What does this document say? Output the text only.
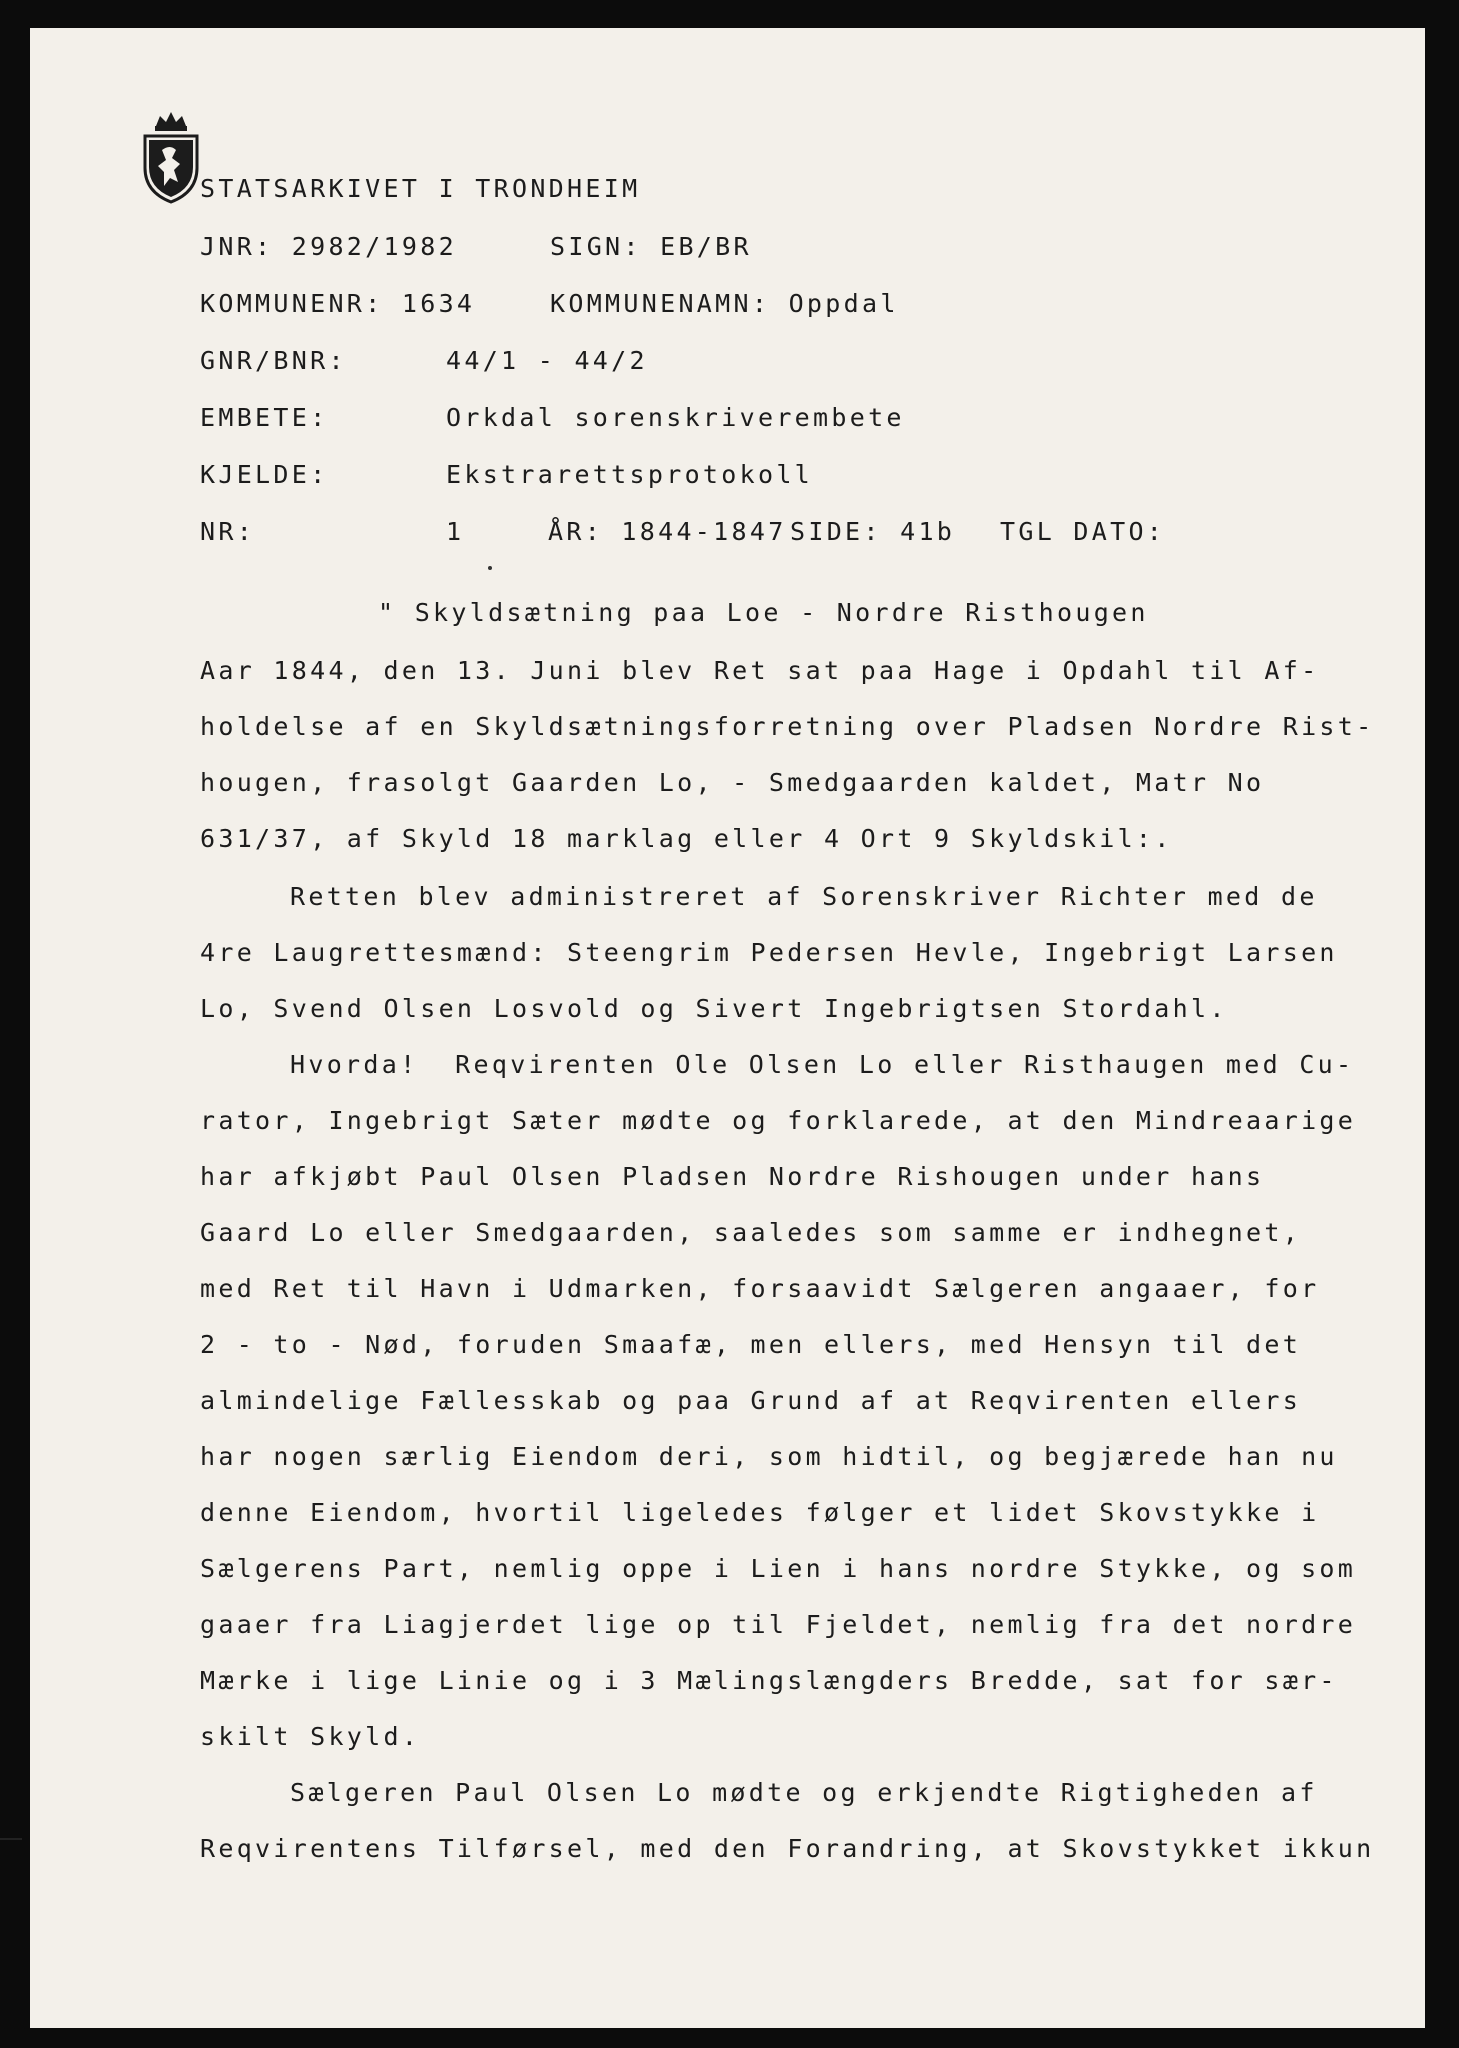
STATSARKIVET I TRONDHEIM
JNR: 2982/1982	SIGN: EB/BR
KOMMUNENR: 1634	KOMMUNENAMN: Oppdal
GNR/BNR:	44/1 - 44/2
EMBETE:	Orkdal sorenskriverembete
KJELDE:	Ekstrarettsprotokoll
NR:	1	ÅR: 1844-1847 SIDE: 41b TGL DATO:
" Skyldsætning paa Loe - Nordre Risthougen
Aar 1844, den 13. Juni blev Ret sat paa Hage i Opdahl til Af-
holdelse af en Skyldsætningsforretning over Pladsen Nordre Rist-
hougen, frasolgt Gaarden Lo, - Smedgaarden kaldet, Matr No
631/37, af Skyld 18 marklag eller 4 Ort 9 Skyldskil:.
Retten blev administreret af Sorenskriver Richter med de
4re Laugrettesmænd: Steengrim Pedersen Hevle, Ingebrigt Larsen
Lo, Svend Olsen Losvold og Sivert Ingebrigtsen Stordahl.
Hvorda!  Reqvirenten Ole Olsen Lo eller Risthaugen med Cu-
rator, Ingebrigt Sæter mødte og forklarede, at den Mindreaarige
har afkjøbt Paul Olsen Pladsen Nordre Rishougen under hans
Gaard Lo eller Smedgaarden, saaledes som samme er indhegnet,
med Ret til Havn i Udmarken, forsaavidt Sælgeren angaaer, for
2 - to - Nød, foruden Smaafæ, men ellers, med Hensyn til det
almindelige Fællesskab og paa Grund af at Reqvirenten ellers
har nogen særlig Eiendom deri, som hidtil, og begjærede han nu
denne Eiendom, hvortil ligeledes følger et lidet Skovstykke i
Sælgerens Part, nemlig oppe i Lien i hans nordre Stykke, og som
gaaer fra Liagjerdet lige op til Fjeldet, nemlig fra det nordre
Mærke i lige Linie og i 3 Mælingslængders Bredde, sat for sær-
skilt Skyld.
Sælgeren Paul Olsen Lo mødte og erkjendte Rigtigheden af
Reqvirentens Tilførsel, med den Forandring, at Skovstykket ikkun
